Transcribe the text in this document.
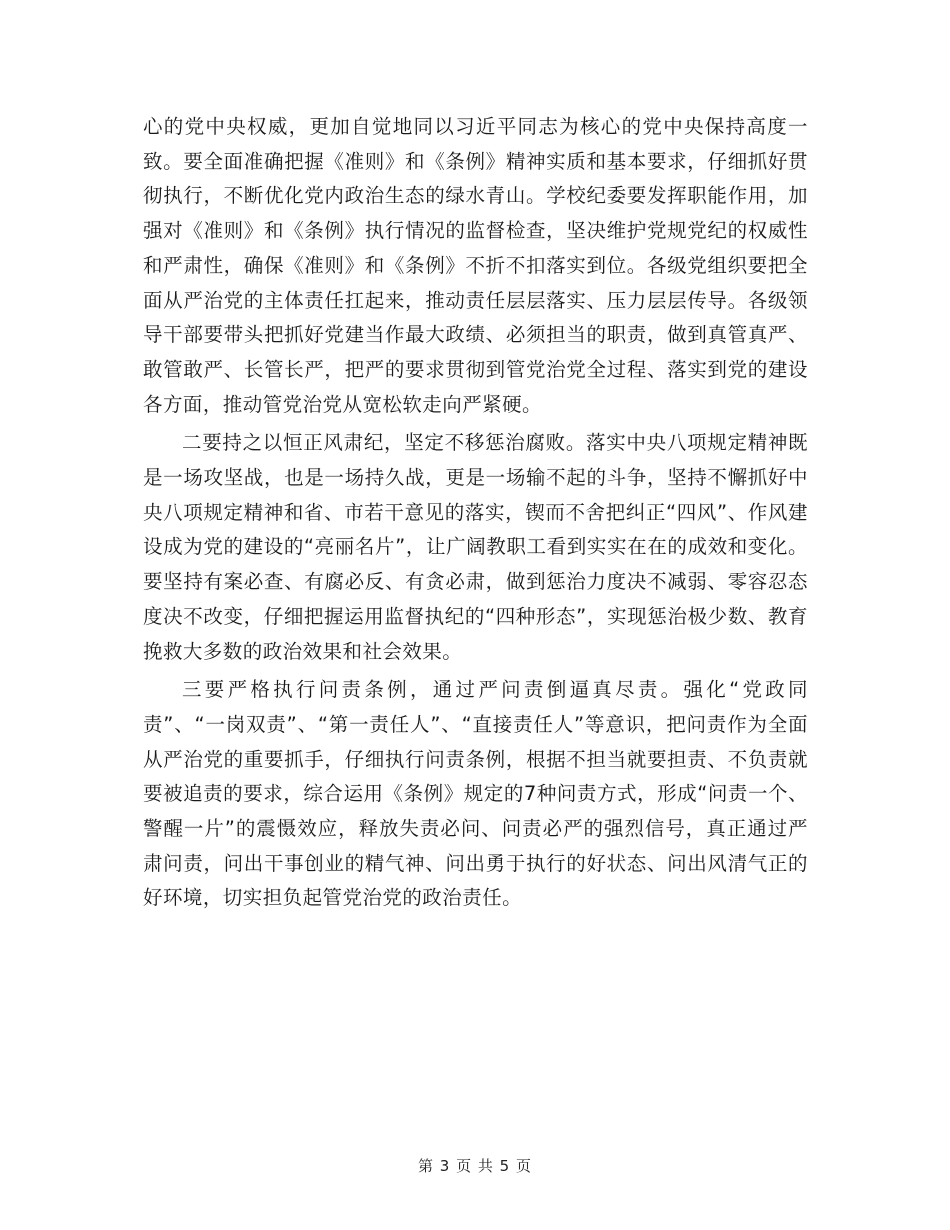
心的党中央权威，更加自觉地同以习近平同志为核心的党中央保持高度一致。要全面准确把握《准则》和《条例》精神实质和基本要求，仔细抓好贯彻执行，不断优化党内政治生态的绿水青山。学校纪委要发挥职能作用，加强对《准则》和《条例》执行情况的监督检查，坚决维护党规党纪的权威性和严肃性，确保《准则》和《条例》不折不扣落实到位。各级党组织要把全面从严治党的主体责任扛起来，推动责任层层落实、压力层层传导。各级领导干部要带头把抓好党建当作最大政绩、必须担当的职责，做到真管真严、敢管敢严、长管长严，把严的要求贯彻到管党治党全过程、落实到党的建设各方面，推动管党治党从宽松软走向严紧硬。

二要持之以恒正风肃纪，坚定不移惩治腐败。落实中央八项规定精神既是一场攻坚战，也是一场持久战，更是一场输不起的斗争，坚持不懈抓好中央八项规定精神和省、市若干意见的落实，锲而不舍把纠正“四风”、作风建设成为党的建设的“亮丽名片”，让广阔教职工看到实实在在的成效和变化。要坚持有案必查、有腐必反、有贪必肃，做到惩治力度决不减弱、零容忍态度决不改变，仔细把握运用监督执纪的“四种形态”，实现惩治极少数、教育挽救大多数的政治效果和社会效果。

三要严格执行问责条例，通过严问责倒逼真尽责。强化“党政同责”、“一岗双责”、“第一责任人”、“直接责任人”等意识，把问责作为全面从严治党的重要抓手，仔细执行问责条例，根据不担当就要担责、不负责就要被追责的要求，综合运用《条例》规定的7种问责方式，形成“问责一个、警醒一片”的震慑效应，释放失责必问、问责必严的强烈信号，真正通过严肃问责，问出干事创业的精气神、问出勇于执行的好状态、问出风清气正的好环境，切实担负起管党治党的政治责任。

第 3 页 共 5 页
